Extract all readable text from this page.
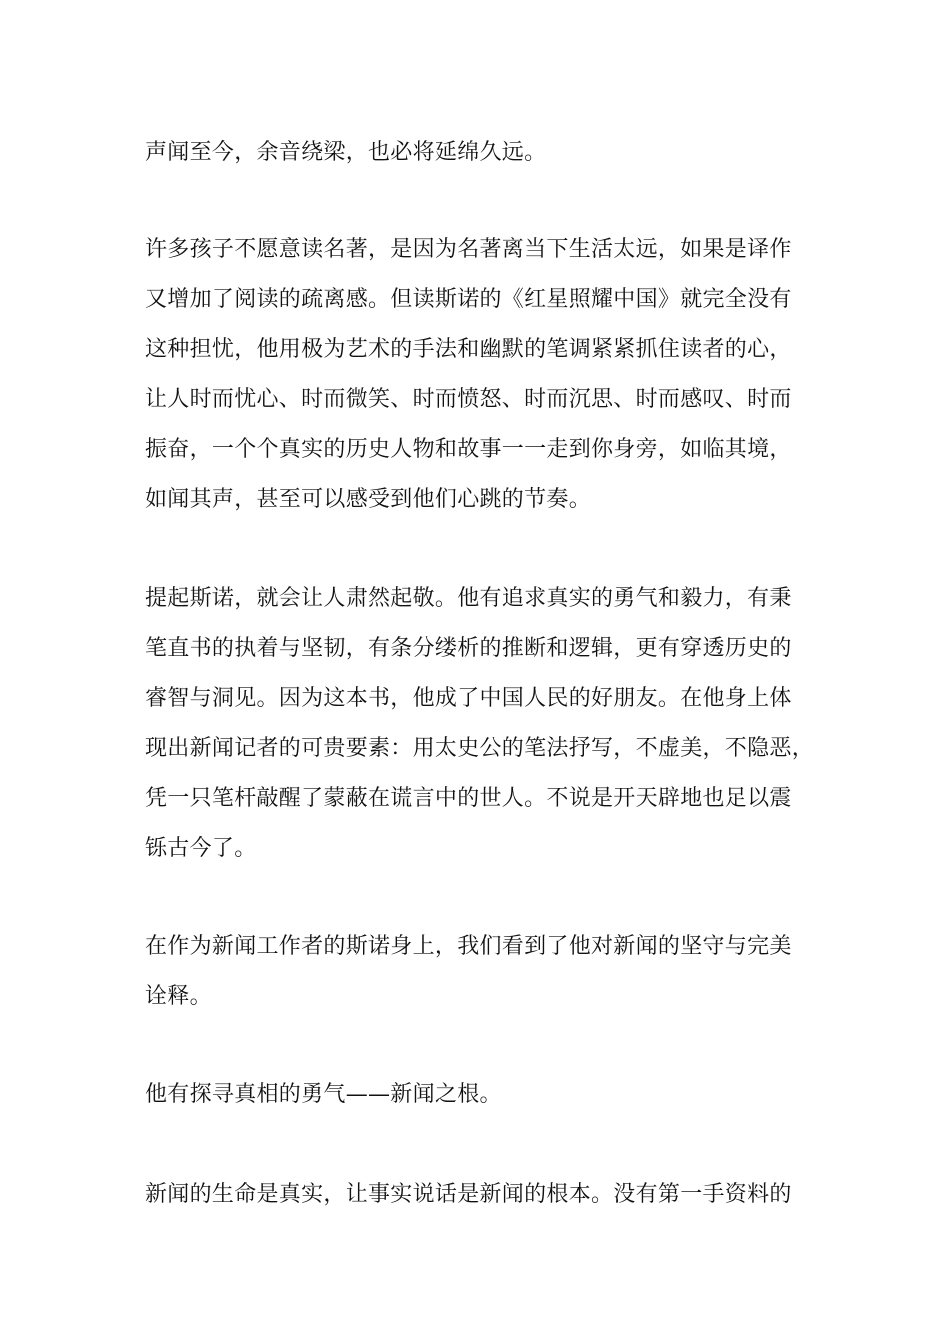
声闻至今，余音绕梁，也必将延绵久远。

许多孩子不愿意读名著，是因为名著离当下生活太远，如果是译作

又增加了阅读的疏离感。但读斯诺的《红星照耀中国》就完全没有

这种担忧，他用极为艺术的手法和幽默的笔调紧紧抓住读者的心，

让人时而忧心、时而微笑、时而愤怒、时而沉思、时而感叹、时而

振奋，一个个真实的历史人物和故事一一走到你身旁，如临其境，

如闻其声，甚至可以感受到他们心跳的节奏。

提起斯诺，就会让人肃然起敬。他有追求真实的勇气和毅力，有秉

笔直书的执着与坚韧，有条分缕析的推断和逻辑，更有穿透历史的

睿智与洞见。因为这本书，他成了中国人民的好朋友。在他身上体

现出新闻记者的可贵要素：用太史公的笔法抒写，不虚美，不隐恶，

凭一只笔杆敲醒了蒙蔽在谎言中的世人。不说是开天辟地也足以震

铄古今了。

在作为新闻工作者的斯诺身上，我们看到了他对新闻的坚守与完美

诠释。

他有探寻真相的勇气——新闻之根。

新闻的生命是真实，让事实说话是新闻的根本。没有第一手资料的
